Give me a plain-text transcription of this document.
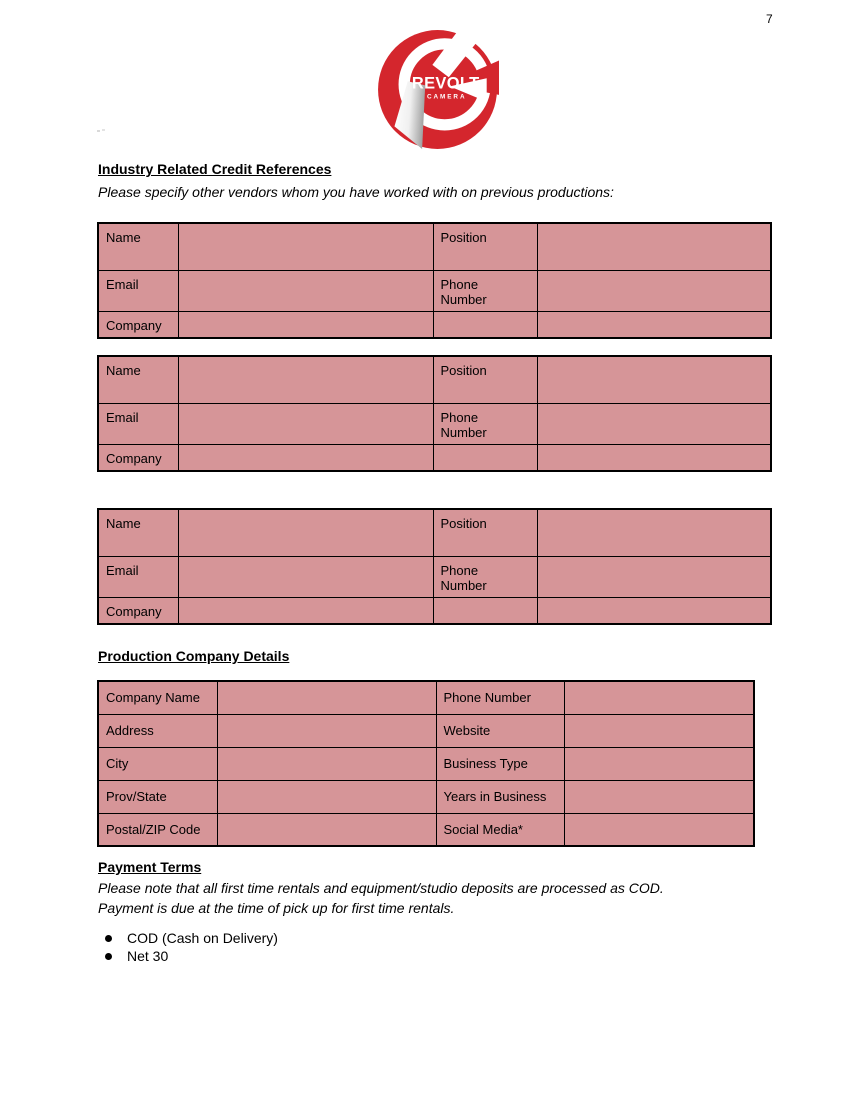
7
REVOLT
CAMERA
Industry Related Credit References

Please specify other vendors whom you have worked with on previous productions:

Name		Position	
Email		Phone Number	
Company			
Name		Position	
Email		Phone Number	
Company			
Name		Position	
Email		Phone Number	
Company			
Production Company Details
Company Name		Phone Number	
Address		Website	
City		Business Type	
Prov/State		Years in Business	
Postal/ZIP Code		Social Media*	
Payment Terms

Please note that all first time rentals and equipment/studio deposits are processed as COD.
Payment is due at the time of pick up for first time rentals.

COD (Cash on Delivery)
Net 30
